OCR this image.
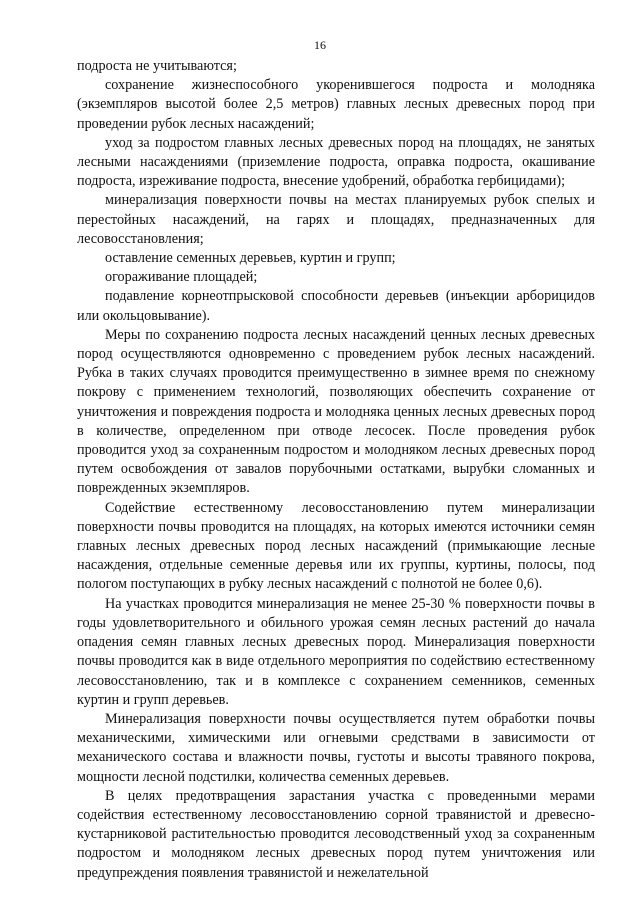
16

подроста не учитываются;

сохранение жизнеспособного укоренившегося подроста и молодняка (экземпляров высотой более 2,5 метров) главных лесных древесных пород при проведении рубок лесных насаждений;

уход за подростом главных лесных древесных пород на площадях, не занятых лесными насаждениями (приземление подроста, оправка подроста, окашивание подроста, изреживание подроста, внесение удобрений, обработка гербицидами);

минерализация поверхности почвы на местах планируемых рубок спелых и перестойных насаждений, на гарях и площадях, предназначенных для лесовосстановления;

оставление семенных деревьев, куртин и групп;

огораживание площадей;

подавление корнеотпрысковой способности деревьев (инъекции арборицидов или окольцовывание).

Меры по сохранению подроста лесных насаждений ценных лесных древесных пород осуществляются одновременно с проведением рубок лесных насаждений. Рубка в таких случаях проводится преимущественно в зимнее время по снежному покрову с применением технологий, позволяющих обеспечить сохранение от уничтожения и повреждения подроста и молодняка ценных лесных древесных пород в количестве, определенном при отводе лесосек. После проведения рубок проводится уход за сохраненным подростом и молодняком лесных древесных пород путем освобождения от завалов порубочными остатками, вырубки сломанных и поврежденных экземпляров.

Содействие естественному лесовосстановлению путем минерализации поверхности почвы проводится на площадях, на которых имеются источники семян главных лесных древесных пород лесных насаждений (примыкающие лесные насаждения, отдельные семенные деревья или их группы, куртины, полосы, под пологом поступающих в рубку лесных насаждений с полнотой не более 0,6).

На участках проводится минерализация не менее 25-30 % поверхности почвы в годы удовлетворительного и обильного урожая семян лесных растений до начала опадения семян главных лесных древесных пород. Минерализация поверхности почвы проводится как в виде отдельного мероприятия по содействию естественному лесовосстановлению, так и в комплексе с сохранением семенников, семенных куртин и групп деревьев.

Минерализация поверхности почвы осуществляется путем обработки почвы механическими, химическими или огневыми средствами в зависимости от механического состава и влажности почвы, густоты и высоты травяного покрова, мощности лесной подстилки, количества семенных деревьев.

В целях предотвращения зарастания участка с проведенными мерами содействия естественному лесовосстановлению сорной травянистой и древесно-кустарниковой растительностью проводится лесоводственный уход за сохраненным подростом и молодняком лесных древесных пород путем уничтожения или предупреждения появления травянистой и нежелательной
